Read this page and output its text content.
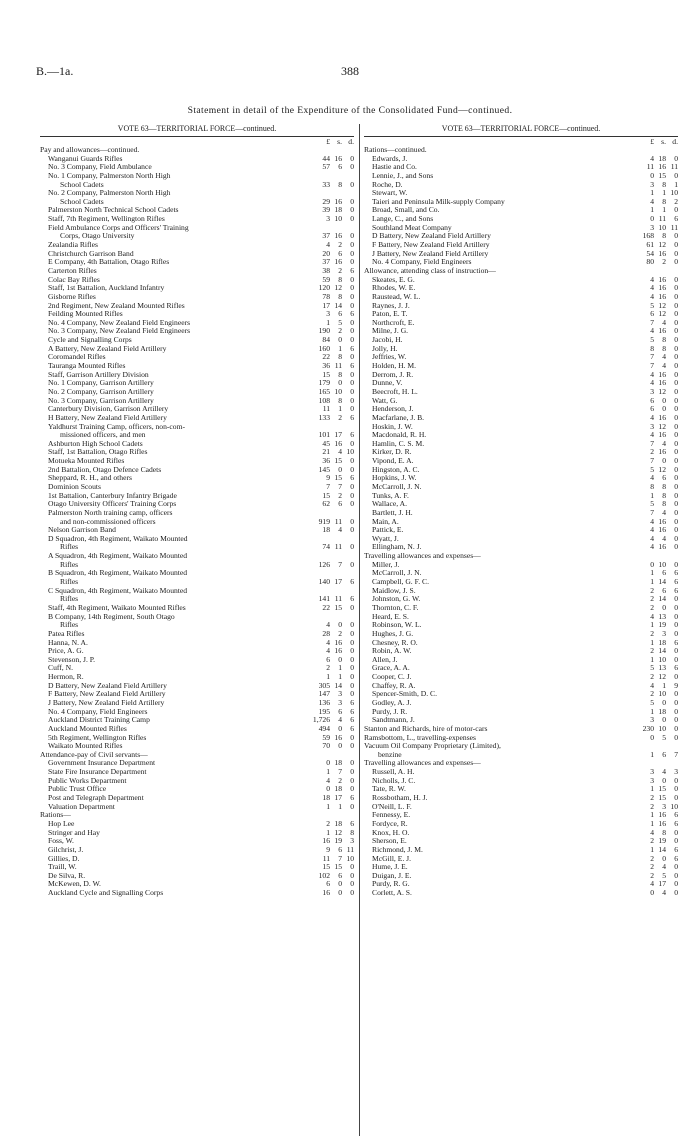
B.—1a.	388
Statement in detail of the Expenditure of the Consolidated Fund—continued.
VOTE 63—TERRITORIAL FORCE—continued.
£ s. d.
Pay and allowances—continued.
Wanganui Guards Rifles	44 16	0
No. 3 Company, Field Ambulance	57	6	0
No. 1 Company, Palmerston North High
School Cadets	33	8	0
No. 2 Company, Palmerston North High
School Cadets	29 16	0
Palmerston North Technical School Cadets	39 18	0
Staff, 7th Regiment, Wellington Rifles	3 10	0
Field Ambulance Corps and Officers' Training
Corps, Otago University	37 16	0
Zealandia Rifles	4	2	0
Christchurch Garrison Band	20	6	0
E Company, 4th Battalion, Otago Rifles	37 16	0
Carterton Rifles	38	2	6
Colac Bay Rifles	59	8	0
Staff, 1st Battalion, Auckland Infantry	120 12	0
Gisborne Rifles	78	8	0
2nd Regiment, New Zealand Mounted Rifles	17 14	0
Feilding Mounted Rifles	3	6	6
No. 4 Company, New Zealand Field Engineers	1	5	0
No. 3 Company, New Zealand Field Engineers	190	2	0
Cycle and Signalling Corps	84	0	0
A Battery, New Zealand Field Artillery	160	1	6
Coromandel Rifles	22	8	0
Tauranga Mounted Rifles	36 11	6
Staff, Garrison Artillery Division	15	8	0
No. 1 Company, Garrison Artillery	179	0	0
No. 2 Company, Garrison Artillery	165 10	0
No. 3 Company, Garrison Artillery	108	8	0
Canterbury Division, Garrison Artillery	11	1	0
H Battery, New Zealand Field Artillery	133	2	6
Yaldhurst Training Camp, officers, non-com-
missioned officers, and men	101 17	6
Ashburton High School Cadets	45 16	0
Staff, 1st Battalion, Otago Rifles	21	4 10
Motueka Mounted Rifles	36 15	0
2nd Battalion, Otago Defence Cadets	145	0	0
Sheppard, R. H., and others	9 15	6
Dominion Scouts	7	7	0
1st Battalion, Canterbury Infantry Brigade	15	2	0
Otago University Officers' Training Corps	62	6	0
Palmerston North training camp, officers
and non-commissioned officers	919 11	0
Nelson Garrison Band	18	4	0
D Squadron, 4th Regiment, Waikato Mounted
Rifles	74 11	0
A Squadron, 4th Regiment, Waikato Mounted
Rifles	126	7	0
B Squadron, 4th Regiment, Waikato Mounted
Rifles	140 17	6
C Squadron, 4th Regiment, Waikato Mounted
Rifles	141 11	6
Staff, 4th Regiment, Waikato Mounted Rifles	22 15	0
B Company, 14th Regiment, South Otago
Rifles	4	0	0
Patea Rifles	28	2	0
Hanna, N. A.	4 16	0
Price, A. G.	4 16	0
Stevenson, J. P.	6	0	0
Cuff, N.	2	1	0
Hermon, R.	1	1	0
D Battery, New Zealand Field Artillery	305 14	0
F Battery, New Zealand Field Artillery	147	3	0
J Battery, New Zealand Field Artillery	136	3	6
No. 4 Company, Field Engineers	195	6	6
Auckland District Training Camp	1,726	4	6
Auckland Mounted Rifles	494	0	6
5th Regiment, Wellington Rifles	59 16	0
Waikato Mounted Rifles	70	0	0
Attendance-pay of Civil servants—
Government Insurance Department	0 18	0
State Fire Insurance Department	1	7	0
Public Works Department	4	2	0
Public Trust Office	0 18	0
Post and Telegraph Department	18 17	6
Valuation Department	1	1	0
Rations—
Hop Lee	2 18	6
Stringer and Hay	1 12	8
Foss, W.	16 19	3
Gilchrist, J.	9	6 11
Gillies, D.	11	7 10
Traill, W.	15 15	0
De Silva, R.	102	6	0
McKewen, D. W.	6	0	0
Auckland Cycle and Signalling Corps	16	0	0
VOTE 63—TERRITORIAL FORCE—continued.
£ s. d.
Rations—continued.
Edwards, J.	4 18	0
Hastie and Co.	11 16 11
Lennie, J., and Sons	0 15	0
Roche, D.	3	8	1
Stewart, W.	1	1 10
Taieri and Peninsula Milk-supply Company	4	8	2
Broad, Small, and Co.	1	1	0
Lange, C., and Sons	0 11	6
Southland Meat Company	3 10 11
D Battery, New Zealand Field Artillery	168	8	0
F Battery, New Zealand Field Artillery	61 12	0
J Battery, New Zealand Field Artillery	54 16	0
No. 4 Company, Field Engineers	80	2	0
Allowance, attending class of instruction—
Skeates, E. G.	4 16	0
Rhodes, W. E.	4 16	0
Raustead, W. L.	4 16	0
Raynes, J. J.	5 12	0
Paton, E. T.	6 12	0
Northcroft, E.	7	4	0
Milne, J. G.	4 16	0
Jacobi, H.	5	8	0
Jolly, H.	8	8	0
Jeffries, W.	7	4	0
Holden, H. M.	7	4	0
Derrom, J. R.	4 16	0
Dunne, V.	4 16	0
Beecroft, H. L.	3 12	0
Watt, G.	6	0	0
Henderson, J.	6	0	0
Macfarlane, J. B.	4 16	0
Hoskin, J. W.	3 12	0
Macdonald, R. H.	4 16	0
Hamlin, C. S. M.	7	4	0
Kirker, D. R.	2 16	0
Vipond, E. A.	7	0	0
Hingston, A. C.	5 12	0
Hopkins, J. W.	4	6	0
McCarroll, J. N.	8	8	0
Tunks, A. F.	1	8	0
Wallace, A.	5	8	0
Bartlett, J. H.	7	4	0
Main, A.	4 16	0
Pattick, E.	4 16	0
Wyatt, J.	4	4	0
Ellingham, N. J.	4 16	0
Travelling allowances and expenses—
Miller, J.	0 10	0
McCarroll, J. N.	1	6	6
Campbell, G. F. C.	1 14	6
Maidlow, J. S.	2	6	6
Johnston, G. W.	2 14	0
Thornton, C. F.	2	0	0
Heard, E. S.	4 13	0
Robinson, W. L.	1 19	0
Hughes, J. G.	2	3	0
Chesney, R. O.	1 18	6
Robin, A. W.	2 14	0
Allen, J.	1 10	0
Grace, A. A.	5 13	6
Cooper, C. J.	2 12	0
Chaffey, R. A.	4	1	9
Spencer-Smith, D. C.	2 10	0
Godley, A. J.	5	0	0
Purdy, J. R.	1 18	0
Sandtmann, J.	3	0	0
Stanton and Richards, hire of motor-cars	230 10	0
Ramsbottom, L., travelling-expenses	0	5	0
Vacuum Oil Company Proprietary (Limited),
benzine	1	6	7
Travelling allowances and expenses—
Russell, A. H.	3	4	3
Nicholls, J. C.	3	0	0
Tate, R. W.	1 15	0
Rossbotham, H. J.	2 15	0
O'Neill, L. F.	2	3 10
Fennessy, E.	1 16	6
Fordyce, R.	1 16	6
Knox, H. O.	4	8	0
Sherson, E.	2 19	0
Richmond, J. M.	1 14	6
McGill, E. J.	2	0	6
Hume, J. E.	2	4	0
Duigan, J. E.	2	5	0
Purdy, R. G.	4 17	0
Corlett, A. S.	0	4	0
